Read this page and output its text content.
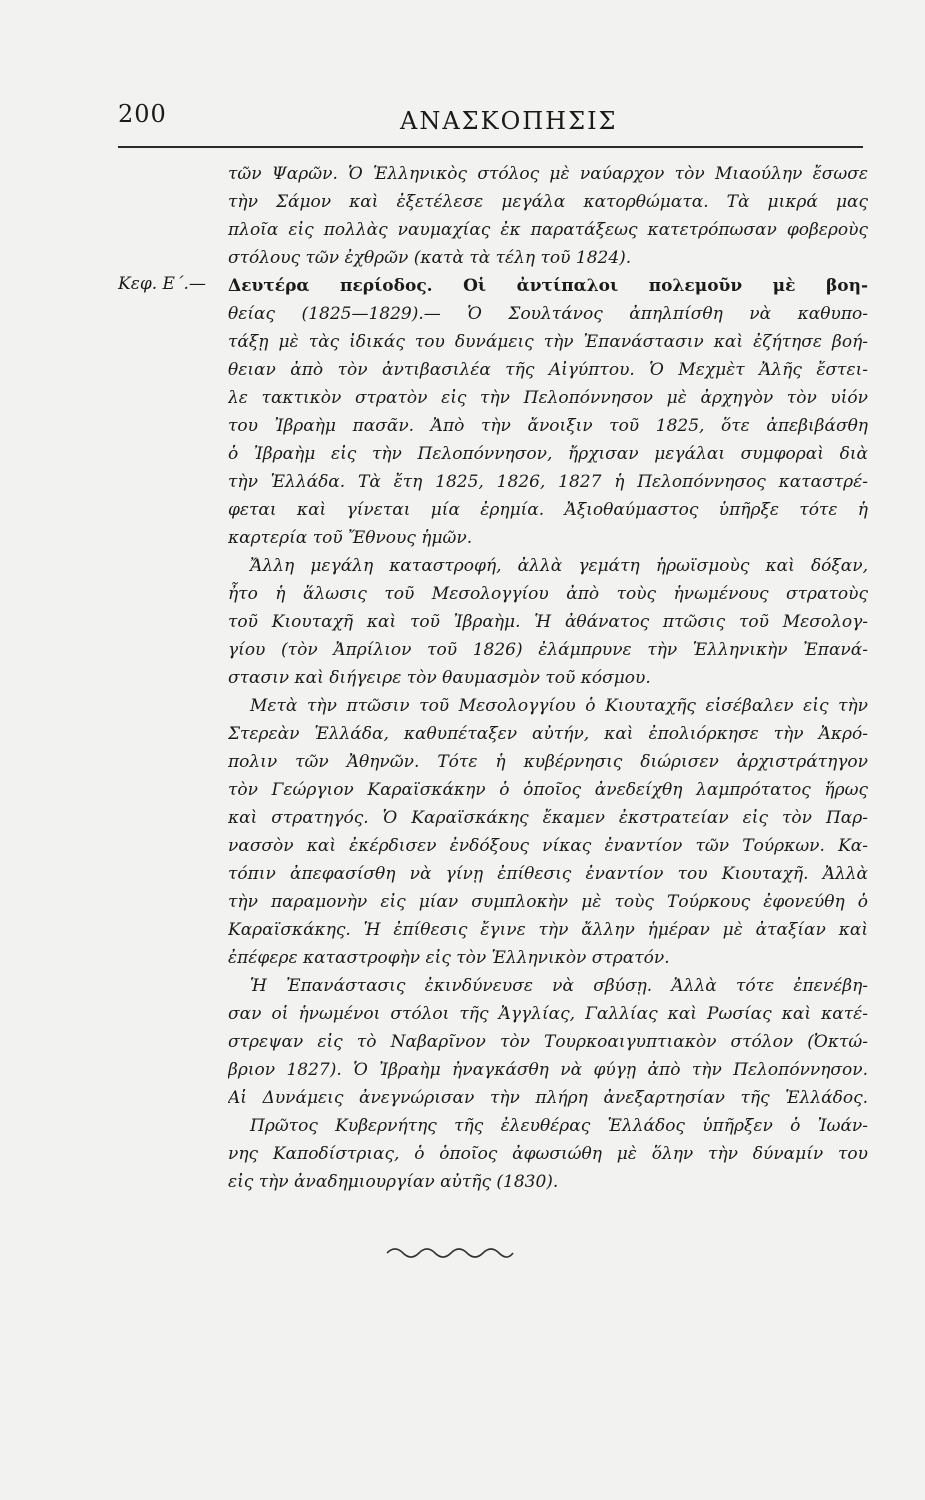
200	ΑΝΑΣΚΟΠΗΣΙΣ
Κεφ. Ε΄.—
τῶν Ψαρῶν. Ὁ Ἑλληνικὸς στόλος μὲ ναύαρχον τὸν Μιαούλην ἔσωσε
τὴν Σάμον καὶ ἐξετέλεσε μεγάλα κατορθώματα. Τὰ μικρά μας
πλοῖα εἰς πολλὰς ναυμαχίας ἐκ παρατάξεως κατετρόπωσαν φοβεροὺς
στόλους τῶν ἐχθρῶν (κατὰ τὰ τέλη τοῦ 1824).
Δευτέρα περίοδος. Οἱ ἀντίπαλοι πολεμοῦν μὲ βοη-
θείας (1825—1829).— Ὁ Σουλτάνος ἀπηλπίσθη νὰ καθυπο-
τάξῃ μὲ τὰς ἰδικάς του δυνάμεις τὴν Ἐπανάστασιν καὶ ἐζήτησε βοή-
θειαν ἀπὸ τὸν ἀντιβασιλέα τῆς Αἰγύπτου. Ὁ Μεχμὲτ Ἀλῆς ἔστει-
λε τακτικὸν στρατὸν εἰς τὴν Πελοπόννησον μὲ ἀρχηγὸν τὸν υἱόν
του Ἰβραὴμ πασᾶν. Ἀπὸ τὴν ἄνοιξιν τοῦ 1825, ὅτε ἀπεβιβάσθη
ὁ Ἰβραὴμ εἰς τὴν Πελοπόννησον, ἤρχισαν μεγάλαι συμφοραὶ διὰ
τὴν Ἑλλάδα. Τὰ ἔτη 1825, 1826, 1827 ἡ Πελοπόννησος καταστρέ-
φεται καὶ γίνεται μία ἐρημία. Ἀξιοθαύμαστος ὑπῆρξε τότε ἡ
καρτερία τοῦ Ἔθνους ἡμῶν.
Ἄλλη μεγάλη καταστροφή, ἀλλὰ γεμάτη ἡρωϊσμοὺς καὶ δόξαν,
ἦτο ἡ ἅλωσις τοῦ Μεσολογγίου ἀπὸ τοὺς ἡνωμένους στρατοὺς
τοῦ Κιουταχῆ καὶ τοῦ Ἰβραὴμ. Ἡ ἀθάνατος πτῶσις τοῦ Μεσολογ-
γίου (τὸν Ἀπρίλιον τοῦ 1826) ἐλάμπρυνε τὴν Ἑλληνικὴν Ἐπανά-
στασιν καὶ διήγειρε τὸν θαυμασμὸν τοῦ κόσμου.
Μετὰ τὴν πτῶσιν τοῦ Μεσολογγίου ὁ Κιουταχῆς εἰσέβαλεν εἰς τὴν
Στερεὰν Ἑλλάδα, καθυπέταξεν αὐτήν, καὶ ἐπολιόρκησε τὴν Ἀκρό-
πολιν τῶν Ἀθηνῶν. Τότε ἡ κυβέρνησις διώρισεν ἀρχιστράτηγον
τὸν Γεώργιον Καραϊσκάκην ὁ ὁποῖος ἀνεδείχθη λαμπρότατος ἥρως
καὶ στρατηγός. Ὁ Καραϊσκάκης ἔκαμεν ἐκστρατείαν εἰς τὸν Παρ-
νασσὸν καὶ ἐκέρδισεν ἐνδόξους νίκας ἐναντίον τῶν Τούρκων. Κα-
τόπιν ἀπεφασίσθη νὰ γίνῃ ἐπίθεσις ἐναντίον του Κιουταχῆ. Ἀλλὰ
τὴν παραμονὴν εἰς μίαν συμπλοκὴν μὲ τοὺς Τούρκους ἐφονεύθη ὁ
Καραϊσκάκης. Ἡ ἐπίθεσις ἔγινε τὴν ἄλλην ἡμέραν μὲ ἀταξίαν καὶ
ἐπέφερε καταστροφὴν εἰς τὸν Ἑλληνικὸν στρατόν.
Ἡ Ἐπανάστασις ἐκινδύνευσε νὰ σβύσῃ. Ἀλλὰ τότε ἐπενέβη-
σαν οἱ ἡνωμένοι στόλοι τῆς Ἀγγλίας, Γαλλίας καὶ Ρωσίας καὶ κατέ-
στρεψαν εἰς τὸ Ναβαρῖνον τὸν Τουρκοαιγυπτιακὸν στόλον (Ὀκτώ-
βριον 1827). Ὁ Ἰβραὴμ ἠναγκάσθη νὰ φύγῃ ἀπὸ τὴν Πελοπόννησον.
Αἱ Δυνάμεις ἀνεγνώρισαν τὴν πλήρη ἀνεξαρτησίαν τῆς Ἑλλάδος.
Πρῶτος Κυβερνήτης τῆς ἐλευθέρας Ἑλλάδος ὑπῆρξεν ὁ Ἰωάν-
νης Καποδίστριας, ὁ ὁποῖος ἀφωσιώθη μὲ ὅλην τὴν δύναμίν του
εἰς τὴν ἀναδημιουργίαν αὐτῆς (1830).
